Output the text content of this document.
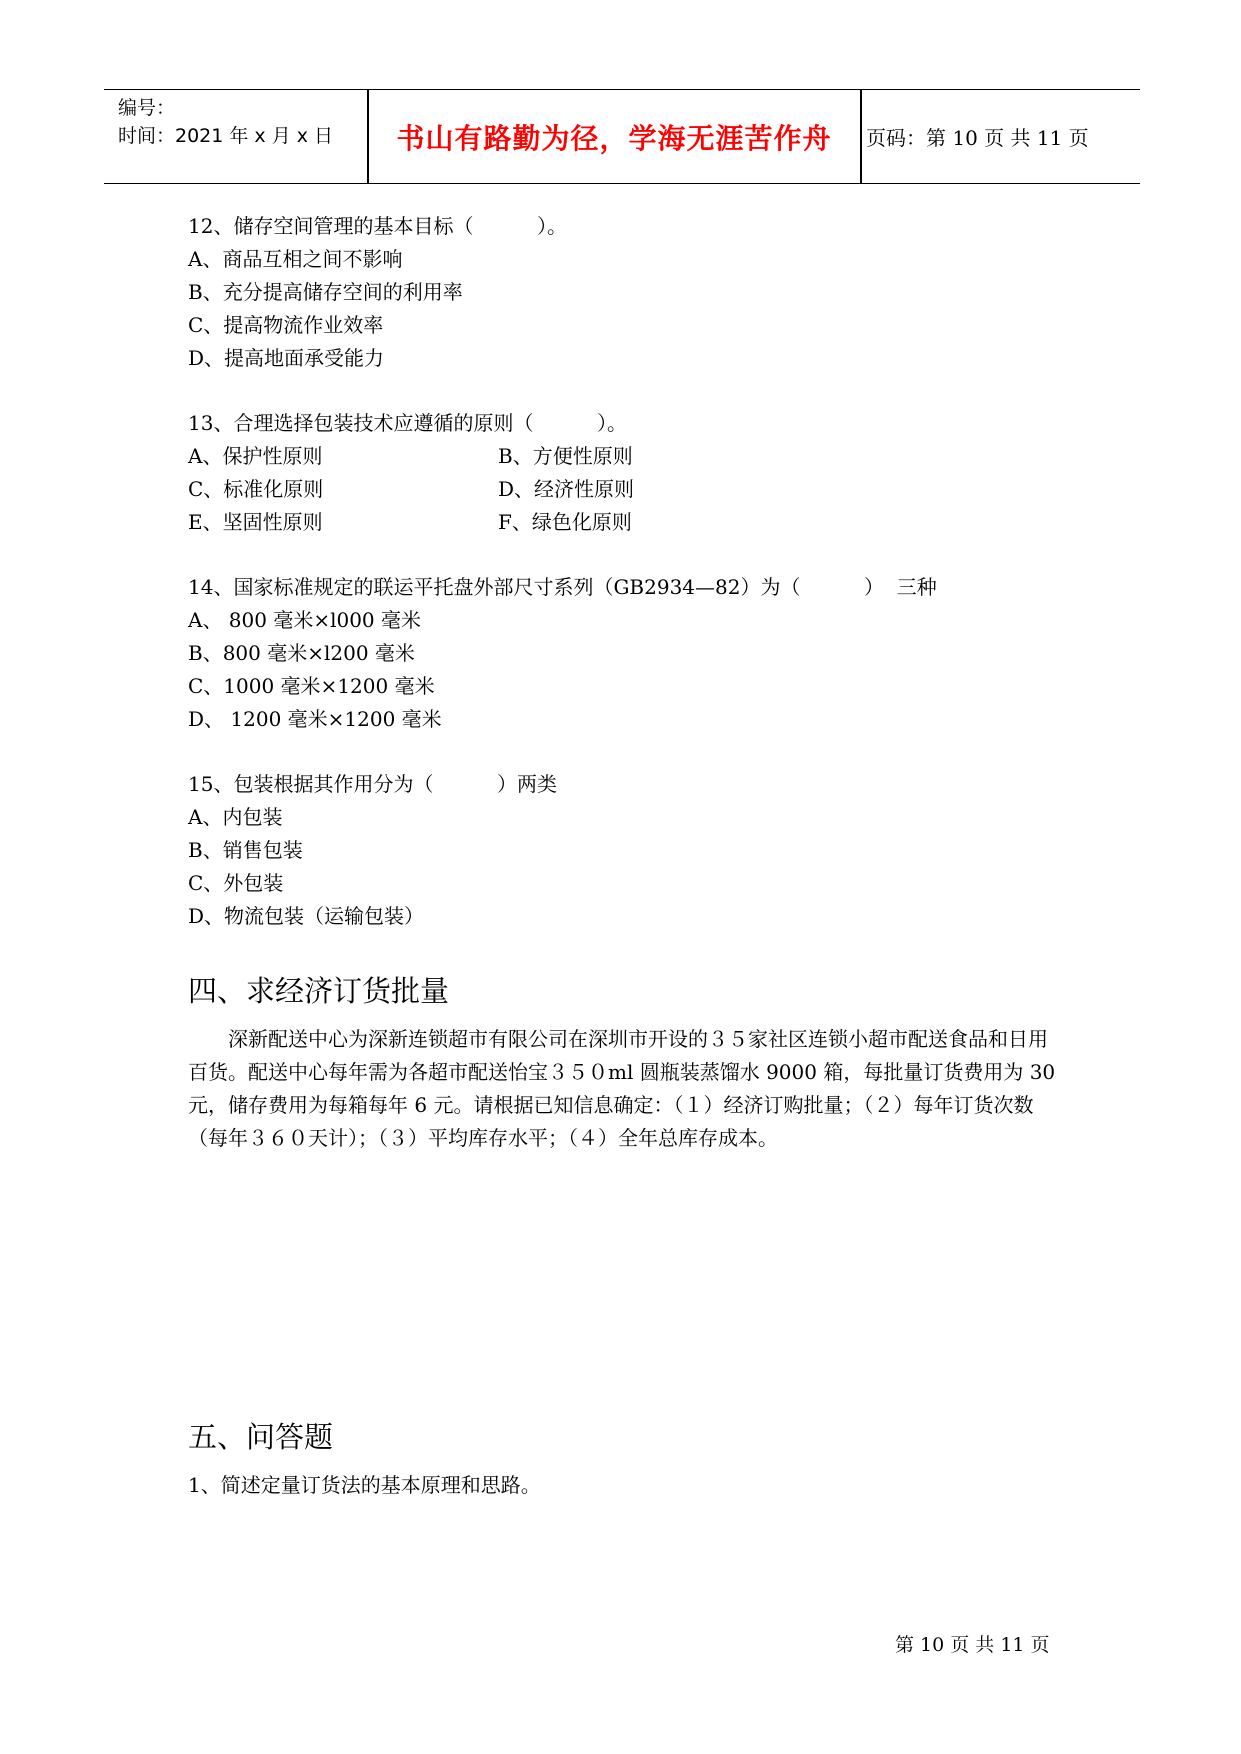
编号：
时间：2021 年 x 月 x 日	书山有路勤为径，学海无涯苦作舟	页码：第 10 页 共 11 页
12、储存空间管理的基本目标（          ）。
A、商品互相之间不影响
B、充分提高储存空间的利用率
C、提高物流作业效率
D、提高地面承受能力
13、合理选择包装技术应遵循的原则（          ）。
A、保护性原则	B、方便性原则
C、标准化原则	D、经济性原则
E、坚固性原则	F、绿色化原则
14、国家标准规定的联运平托盘外部尺寸系列（GB2934—82）为（          ）  三种
A、 800 毫米×l000 毫米
B、800 毫米×l200 毫米
C、1000 毫米×1200 毫米
D、 1200 毫米×1200 毫米
15、包装根据其作用分为（          ）两类
A、内包装
B、销售包装
C、外包装
D、物流包装（运输包装）
四、求经济订货批量

深新配送中心为深新连锁超市有限公司在深圳市开设的３５家社区连锁小超市配送食品和日用百货。配送中心每年需为各超市配送怡宝３５０ml 圆瓶装蒸馏水 9000 箱，每批量订货费用为 30 元，储存费用为每箱每年 6 元。请根据已知信息确定：（１）经济订购批量；（２）每年订货次数（每年３６０天计）；（３）平均库存水平；（４）全年总库存成本。

五、问答题
1、简述定量订货法的基本原理和思路。
第 10 页 共 11 页
